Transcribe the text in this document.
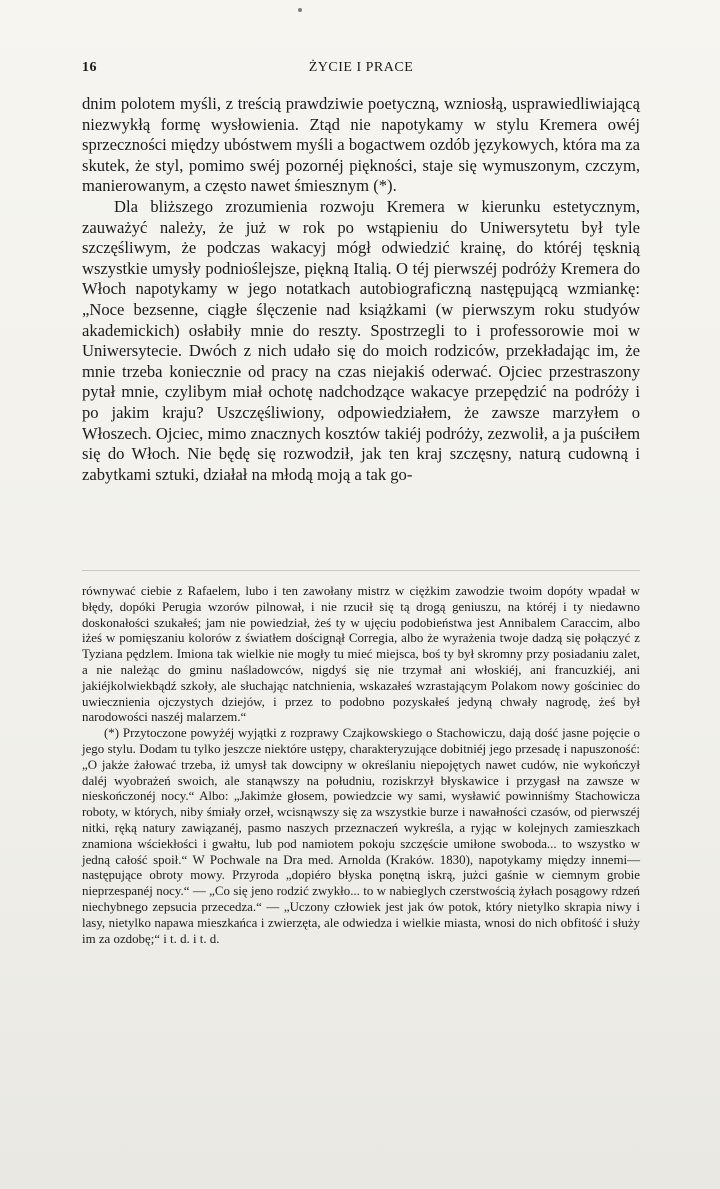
16	ŻYCIE I PRACE

dnim polotem myśli, z treścią prawdziwie poetyczną, wzniosłą, usprawiedliwiającą niezwykłą formę wysłowienia. Ztąd nie napotykamy w stylu Kremera owéj sprzeczności między ubóstwem myśli a bogactwem ozdób językowych, która ma za skutek, że styl, pomimo swéj pozornéj piękności, staje się wymuszonym, czczym, manierowanym, a często nawet śmiesznym (*).

Dla bliższego zrozumienia rozwoju Kremera w kierunku estetycznym, zauważyć należy, że już w rok po wstąpieniu do Uniwersytetu był tyle szczęśliwym, że podczas wakacyj mógł odwiedzić krainę, do któréj tęsknią wszystkie umysły podnioślejsze, piękną Italią. O téj pierwszéj podróży Kremera do Włoch napotykamy w jego notatkach autobiograficzną następującą wzmiankę: „Noce bezsenne, ciągłe ślęczenie nad książkami (w pierwszym roku studyów akademickich) osłabiły mnie do reszty. Spostrzegli to i professorowie moi w Uniwersytecie. Dwóch z nich udało się do moich rodziców, przekładając im, że mnie trzeba koniecznie od pracy na czas niejakiś oderwać. Ojciec przestraszony pytał mnie, czylibym miał ochotę nadchodzące wakacye przepędzić na podróży i po jakim kraju? Uszczęśliwiony, odpowiedziałem, że zawsze marzyłem o Włoszech. Ojciec, mimo znacznych kosztów takiéj podróży, zezwolił, a ja puściłem się do Włoch. Nie będę się rozwodził, jak ten kraj szczęsny, naturą cudowną i zabytkami sztuki, działał na młodą moją a tak go-

równywać ciebie z Rafaelem, lubo i ten zawołany mistrz w ciężkim zawodzie twoim dopóty wpadał w błędy, dopóki Perugia wzorów pilnował, i nie rzucił się tą drogą geniuszu, na któréj i ty niedawno doskonałości szukałeś; jam nie powiedział, żeś ty w ujęciu podobieństwa jest Annibalem Caraccim, albo iżeś w pomięszaniu kolorów z światłem doścignął Corregia, albo że wyrażenia twoje dadzą się połączyć z Tyziana pędzlem. Imiona tak wielkie nie mogły tu mieć miejsca, boś ty był skromny przy posiadaniu zalet, a nie należąc do gminu naśladowców, nigdyś się nie trzymał ani włoskiéj, ani francuzkiéj, ani jakiéjkolwiekbądź szkoły, ale słuchając natchnienia, wskazałeś wzrastającym Polakom nowy gościniec do uwiecznienia ojczystych dziejów, i przez to podobno pozyskałeś jedyną chwały nagrodę, żeś był narodowości naszéj malarzem.“

(*) Przytoczone powyżéj wyjątki z rozprawy Czajkowskiego o Stachowiczu, dają dość jasne pojęcie o jego stylu. Dodam tu tylko jeszcze niektóre ustępy, charakteryzujące dobitniéj jego przesadę i napuszoność: „O jakże żałować trzeba, iż umysł tak dowcipny w określaniu niepojętych nawet cudów, nie wykończył daléj wyobrażeń swoich, ale stanąwszy na południu, roziskrzył błyskawice i przygasł na zawsze w nieskończonéj nocy.“ Albo: „Jakimże głosem, powiedzcie wy sami, wysławić powinniśmy Stachowicza roboty, w których, niby śmiały orzeł, wcisnąwszy się za wszystkie burze i nawałności czasów, od pierwszéj nitki, ręką natury zawiązanéj, pasmo naszych przeznaczeń wykreśla, a ryjąc w kolejnych zamieszkach znamiona wściekłości i gwałtu, lub pod namiotem pokoju szczęście umiłone swoboda... to wszystko w jedną całość spoił.“ W Pochwale na Dra med. Arnolda (Kraków. 1830), napotykamy między innemi—następujące obroty mowy. Przyroda „dopiéro błyska ponętną iskrą, jużci gaśnie w ciemnym grobie nieprzespanéj nocy.“ — „Co się jeno rodzić zwykło... to w nabieglych czerstwością żyłach posągowy rdzeń niechybnego zepsucia przecedza.“ — „Uczony człowiek jest jak ów potok, który nietylko skrapia niwy i lasy, nietylko napawa mieszkańca i zwierzęta, ale odwiedza i wielkie miasta, wnosi do nich obfitość i służy im za ozdobę;“ i t. d. i t. d.
